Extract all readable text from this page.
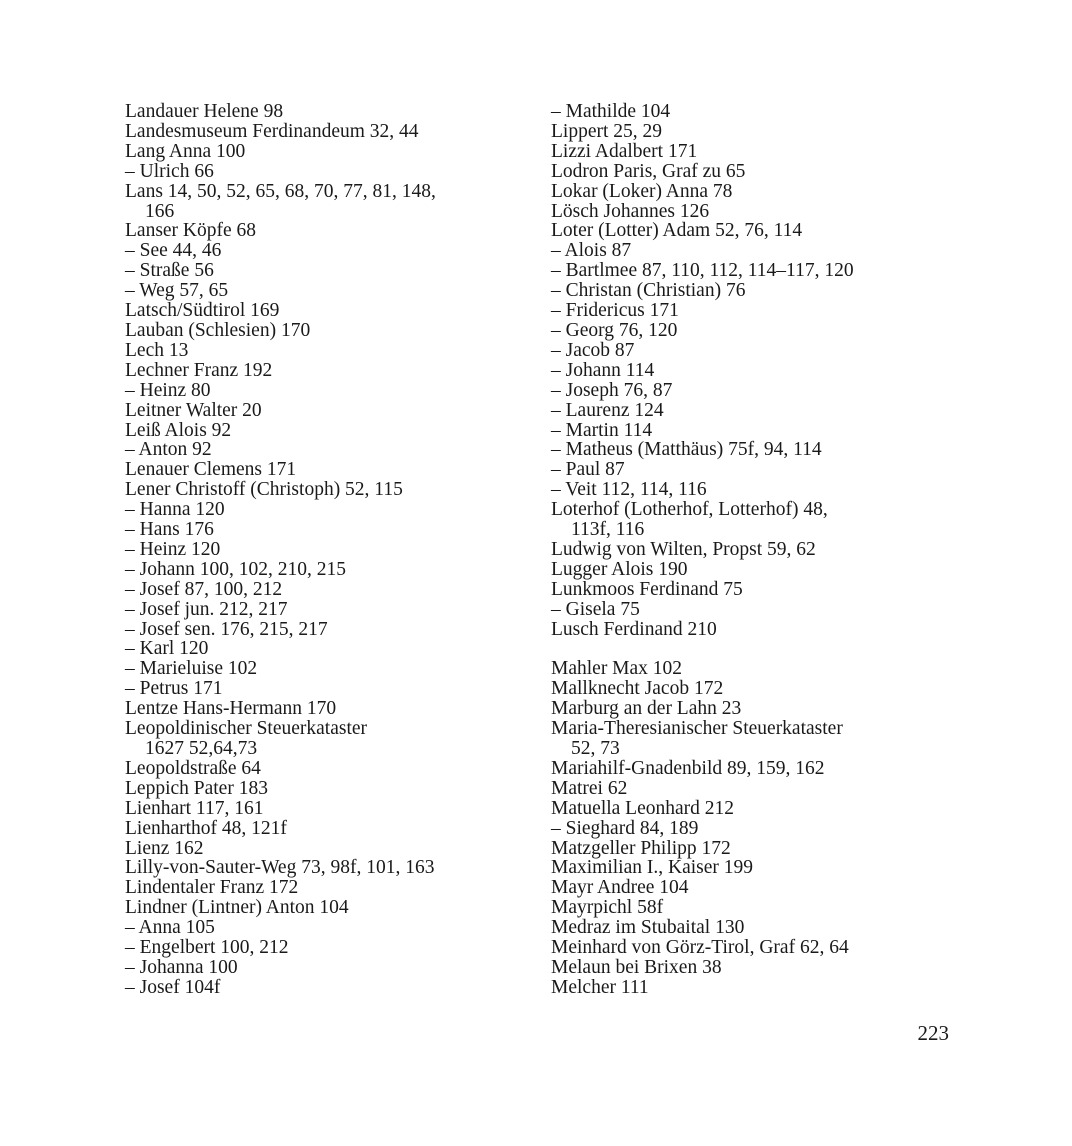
Landauer Helene 98
Landesmuseum Ferdinandeum 32, 44
Lang Anna 100
– Ulrich 66
Lans 14, 50, 52, 65, 68, 70, 77, 81, 148,
166
Lanser Köpfe 68
– See 44, 46
– Straße 56
– Weg 57, 65
Latsch/Südtirol 169
Lauban (Schlesien) 170
Lech 13
Lechner Franz 192
– Heinz 80
Leitner Walter 20
Leiß Alois 92
– Anton 92
Lenauer Clemens 171
Lener Christoff (Christoph) 52, 115
– Hanna 120
– Hans 176
– Heinz 120
– Johann 100, 102, 210, 215
– Josef 87, 100, 212
– Josef jun. 212, 217
– Josef sen. 176, 215, 217
– Karl 120
– Marieluise 102
– Petrus 171
Lentze Hans-Hermann 170
Leopoldinischer Steuerkataster
1627 52,64,73
Leopoldstraße 64
Leppich Pater 183
Lienhart 117, 161
Lienharthof 48, 121f
Lienz 162
Lilly-von-Sauter-Weg 73, 98f, 101, 163
Lindentaler Franz 172
Lindner (Lintner) Anton 104
– Anna 105
– Engelbert 100, 212
– Johanna 100
– Josef 104f
– Mathilde 104
Lippert 25, 29
Lizzi Adalbert 171
Lodron Paris, Graf zu 65
Lokar (Loker) Anna 78
Lösch Johannes 126
Loter (Lotter) Adam 52, 76, 114
– Alois 87
– Bartlmee 87, 110, 112, 114–117, 120
– Christan (Christian) 76
– Fridericus 171
– Georg 76, 120
– Jacob 87
– Johann 114
– Joseph 76, 87
– Laurenz 124
– Martin 114
– Matheus (Matthäus) 75f, 94, 114
– Paul 87
– Veit 112, 114, 116
Loterhof (Lotherhof, Lotterhof) 48,
113f, 116
Ludwig von Wilten, Propst 59, 62
Lugger Alois 190
Lunkmoos Ferdinand 75
– Gisela 75
Lusch Ferdinand 210
Mahler Max 102
Mallknecht Jacob 172
Marburg an der Lahn 23
Maria-Theresianischer Steuerkataster
52, 73
Mariahilf-Gnadenbild 89, 159, 162
Matrei 62
Matuella Leonhard 212
– Sieghard 84, 189
Matzgeller Philipp 172
Maximilian I., Kaiser 199
Mayr Andree 104
Mayrpichl 58f
Medraz im Stubaital 130
Meinhard von Görz-Tirol, Graf 62, 64
Melaun bei Brixen 38
Melcher 111
223
